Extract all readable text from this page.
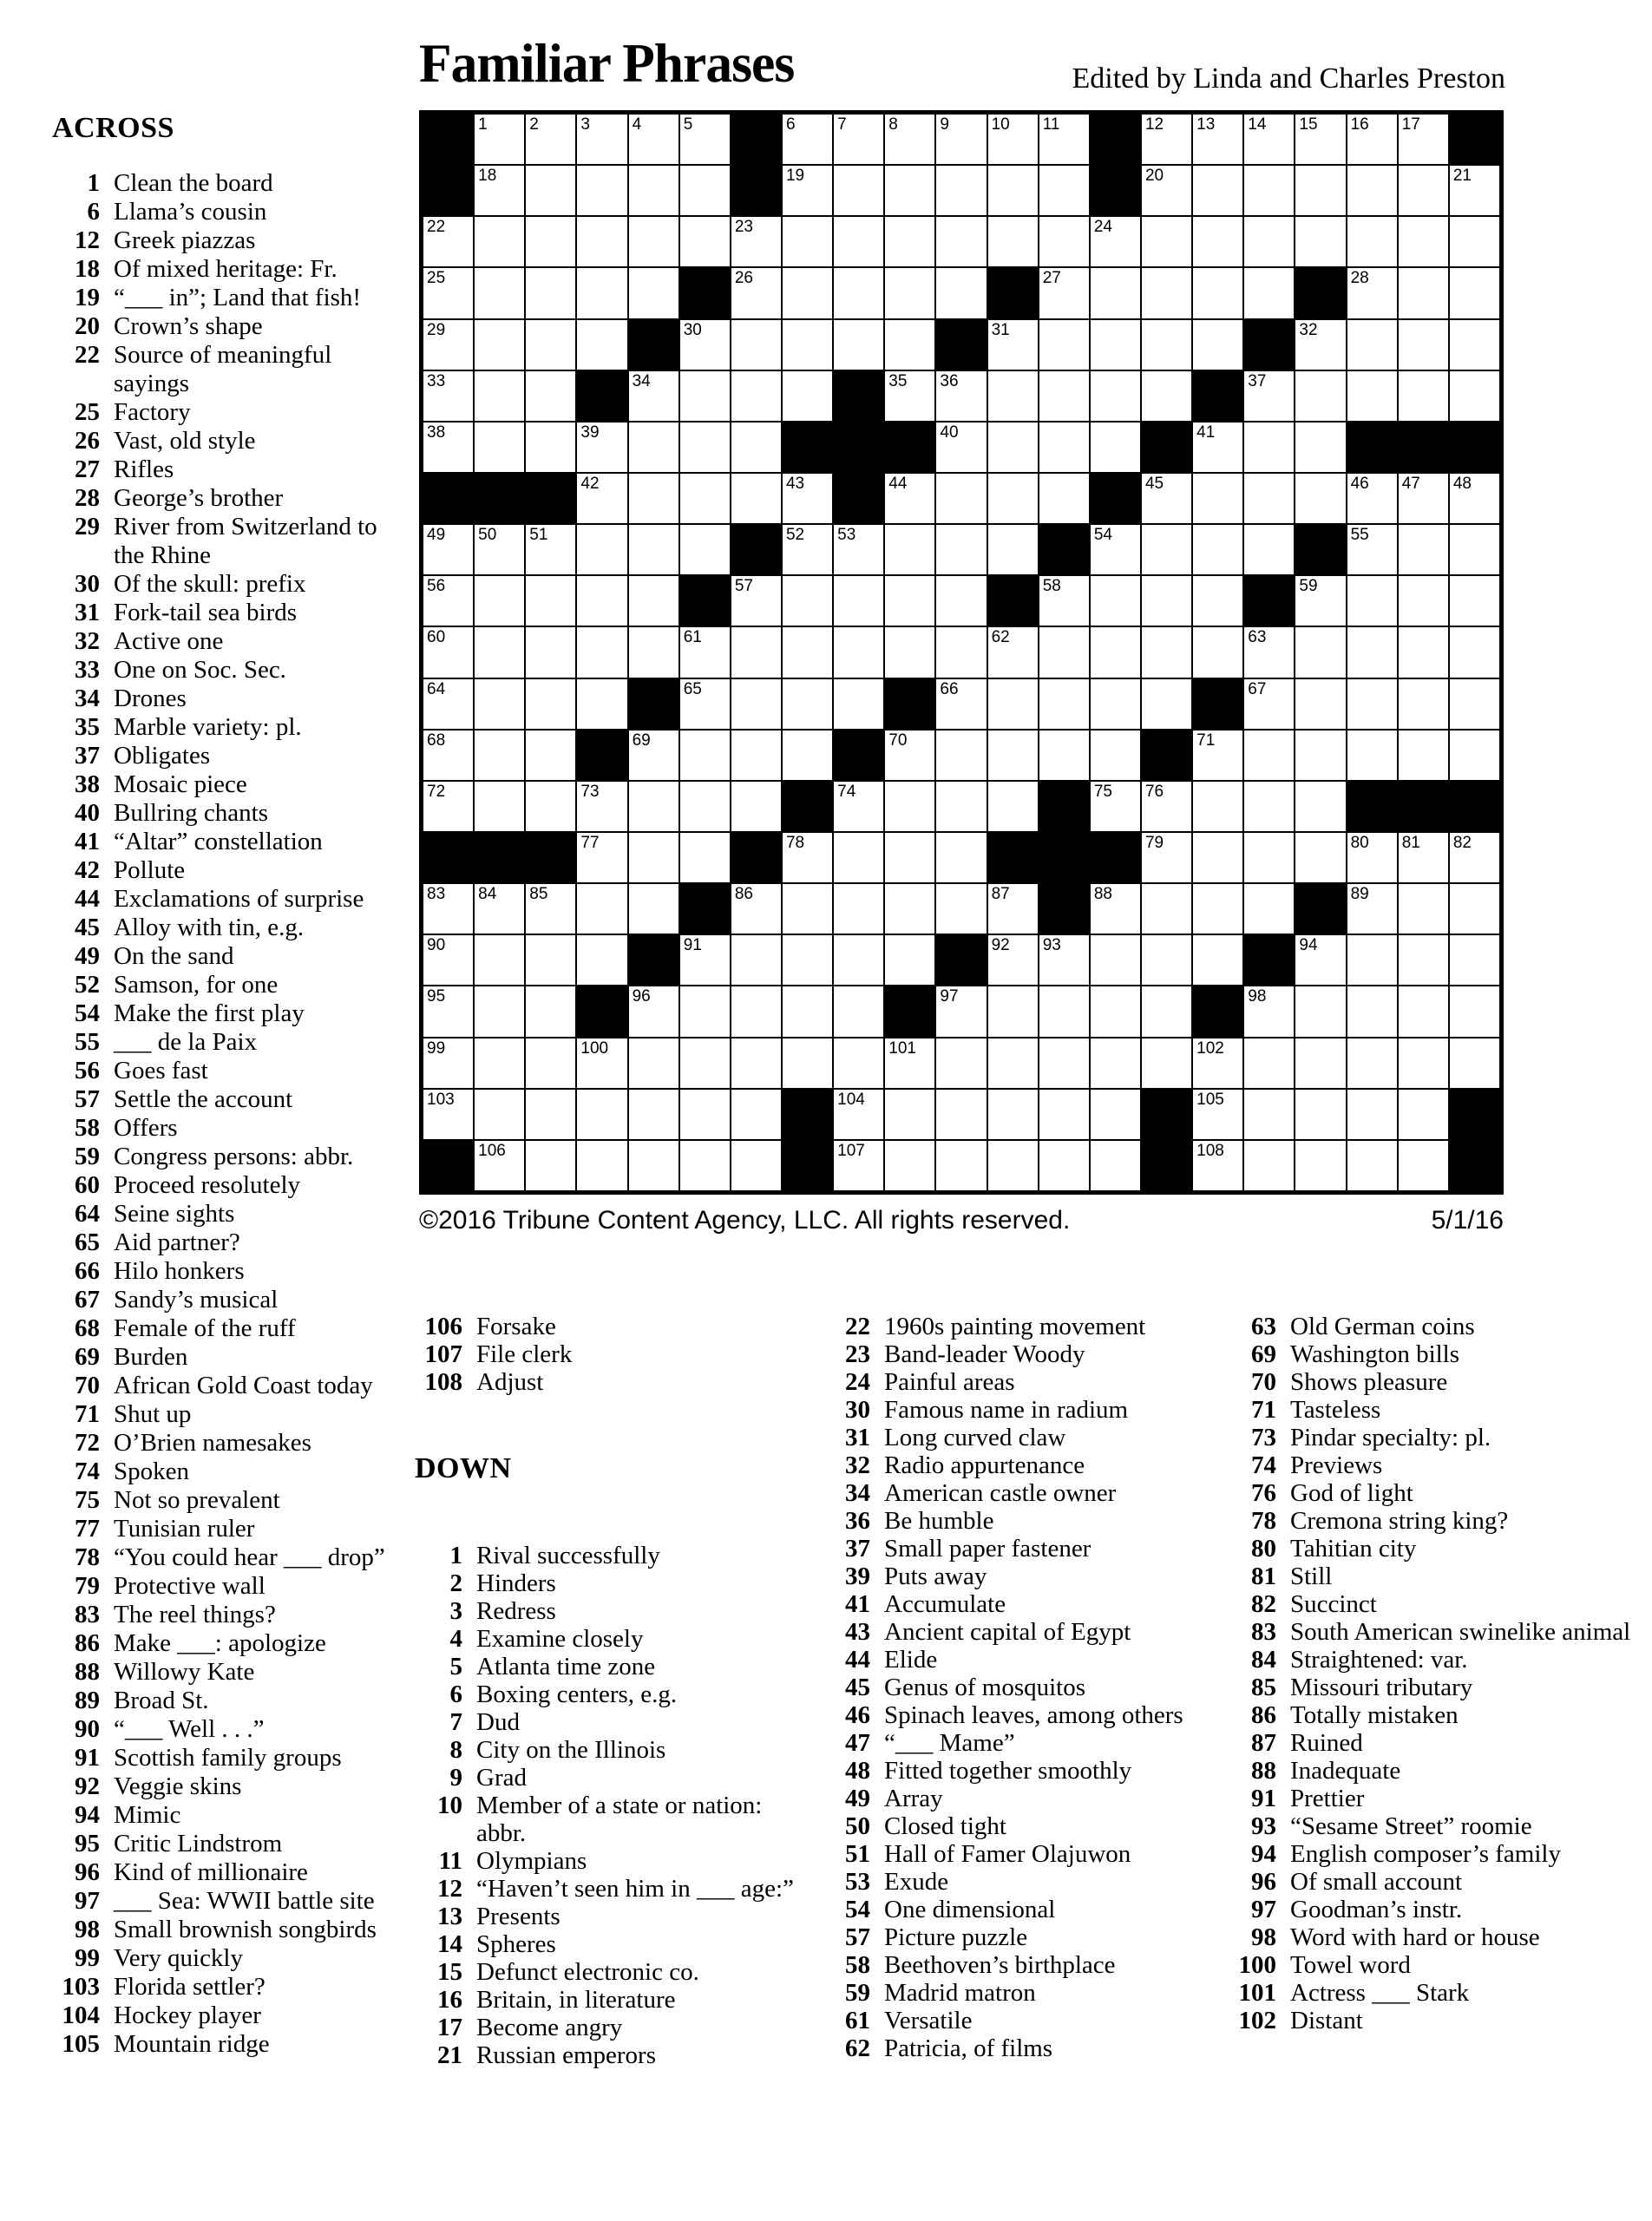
Familiar Phrases	Edited by Linda and Charles Preston
1	2	3	4	5	6	7	8	9	10 11	12 13 14 15 16 17
18	19	20	21
22	23	24
25	26	27	28
29	30	31	32
33	34	35 36	37
38	39	40	41
42	43	44	45	46 47 48
49 50 51	52 53	54	55
56	57	58	59
60	61	62	63
64	65	66	67
68	69	70	71
72	73	74	75 76
77	78	79	80 81 82
83 84 85	86	87	88	89
90	91	92 93	94
95	96	97	98
99	100	101	102
103	104	105
106	107	108
©2016 Tribune Content Agency, LLC. All rights reserved.	5/1/16
ACROSS
1 Clean the board
6 Llama’s cousin
12 Greek piazzas
18 Of mixed heritage: Fr.
19 “___ in”; Land that fish!
20 Crown’s shape
22 Source of meaningful sayings
25 Factory
26 Vast, old style
27 Rifles
28 George’s brother
29 River from Switzerland to the Rhine
30 Of the skull: prefix
31 Fork-tail sea birds
32 Active one
33 One on Soc. Sec.
34 Drones
35 Marble variety: pl.
37 Obligates
38 Mosaic piece
40 Bullring chants
41 “Altar” constellation
42 Pollute
44 Exclamations of surprise
45 Alloy with tin, e.g.
49 On the sand
52 Samson, for one
54 Make the first play
55 ___ de la Paix
56 Goes fast
57 Settle the account
58 Offers
59 Congress persons: abbr.
60 Proceed resolutely
64 Seine sights
65 Aid partner?
66 Hilo honkers
67 Sandy’s musical
68 Female of the ruff
69 Burden
70 African Gold Coast today
71 Shut up
72 O’Brien namesakes
74 Spoken
75 Not so prevalent
77 Tunisian ruler
78 “You could hear ___ drop”
79 Protective wall
83 The reel things?
86 Make ___: apologize
88 Willowy Kate
89 Broad St.
90 “___ Well . . .”
91 Scottish family groups
92 Veggie skins
94 Mimic
95 Critic Lindstrom
96 Kind of millionaire
97 ___ Sea: WWII battle site
98 Small brownish songbirds
99 Very quickly
103 Florida settler?
104 Hockey player
105 Mountain ridge
106 Forsake
107 File clerk
108 Adjust
DOWN
1 Rival successfully
2 Hinders
3 Redress
4 Examine closely
5 Atlanta time zone
6 Boxing centers, e.g.
7 Dud
8 City on the Illinois
9 Grad
10 Member of a state or nation: abbr.
11 Olympians
12 “Haven’t seen him in ___ age:”
13 Presents
14 Spheres
15 Defunct electronic co.
16 Britain, in literature
17 Become angry
21 Russian emperors
22 1960s painting movement
23 Band-leader Woody
24 Painful areas
30 Famous name in radium
31 Long curved claw
32 Radio appurtenance
34 American castle owner
36 Be humble
37 Small paper fastener
39 Puts away
41 Accumulate
43 Ancient capital of Egypt
44 Elide
45 Genus of mosquitos
46 Spinach leaves, among others
47 “___ Mame”
48 Fitted together smoothly
49 Array
50 Closed tight
51 Hall of Famer Olajuwon
53 Exude
54 One dimensional
57 Picture puzzle
58 Beethoven’s birthplace
59 Madrid matron
61 Versatile
62 Patricia, of films
63 Old German coins
69 Washington bills
70 Shows pleasure
71 Tasteless
73 Pindar specialty: pl.
74 Previews
76 God of light
78 Cremona string king?
80 Tahitian city
81 Still
82 Succinct
83 South American swinelike animal
84 Straightened: var.
85 Missouri tributary
86 Totally mistaken
87 Ruined
88 Inadequate
91 Prettier
93 “Sesame Street” roomie
94 English composer’s family
96 Of small account
97 Goodman’s instr.
98 Word with hard or house
100 Towel word
101 Actress ___ Stark
102 Distant
